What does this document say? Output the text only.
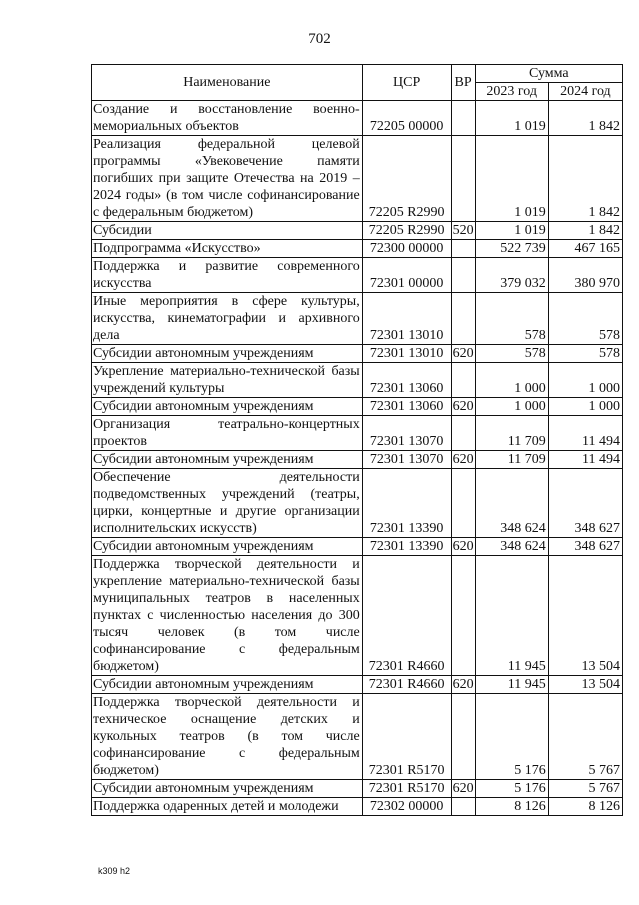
702
Наименование	ЦСР	ВР	Сумма	
			2023 год	2024 год
Создание и восстановление военно-мемориальных объектов	72205 00000		1 019	1 842
Реализация федеральной целевой программы «Увековечение памяти погибших при защите Отечества на 2019 – 2024 годы» (в том числе софинансирование с федеральным бюджетом)	72205 R2990		1 019	1 842
Субсидии	72205 R2990	520	1 019	1 842
Подпрограмма «Искусство»	72300 00000		522 739	467 165
Поддержка и развитие современного искусства	72301 00000		379 032	380 970
Иные мероприятия в сфере культуры, искусства, кинематографии и архивного дела	72301 13010		578	578
Субсидии автономным учреждениям	72301 13010	620	578	578
Укрепление материально-технической базы учреждений культуры	72301 13060		1 000	1 000
Субсидии автономным учреждениям	72301 13060	620	1 000	1 000
Организация театрально-концертных проектов	72301 13070		11 709	11 494
Субсидии автономным учреждениям	72301 13070	620	11 709	11 494
Обеспечение деятельности подведомственных учреждений (театры, цирки, концертные и другие организации исполнительских искусств)	72301 13390		348 624	348 627
Субсидии автономным учреждениям	72301 13390	620	348 624	348 627
Поддержка творческой деятельности и укрепление материально-технической базы муниципальных театров в населенных пунктах с численностью населения до 300 тысяч человек (в том числе софинансирование с федеральным бюджетом)	72301 R4660		11 945	13 504
Субсидии автономным учреждениям	72301 R4660	620	11 945	13 504
Поддержка творческой деятельности и техническое оснащение детских и кукольных театров (в том числе софинансирование с федеральным бюджетом)	72301 R5170		5 176	5 767
Субсидии автономным учреждениям	72301 R5170	620	5 176	5 767
Поддержка одаренных детей и молодежи	72302 00000		8 126	8 126
k309 h2
